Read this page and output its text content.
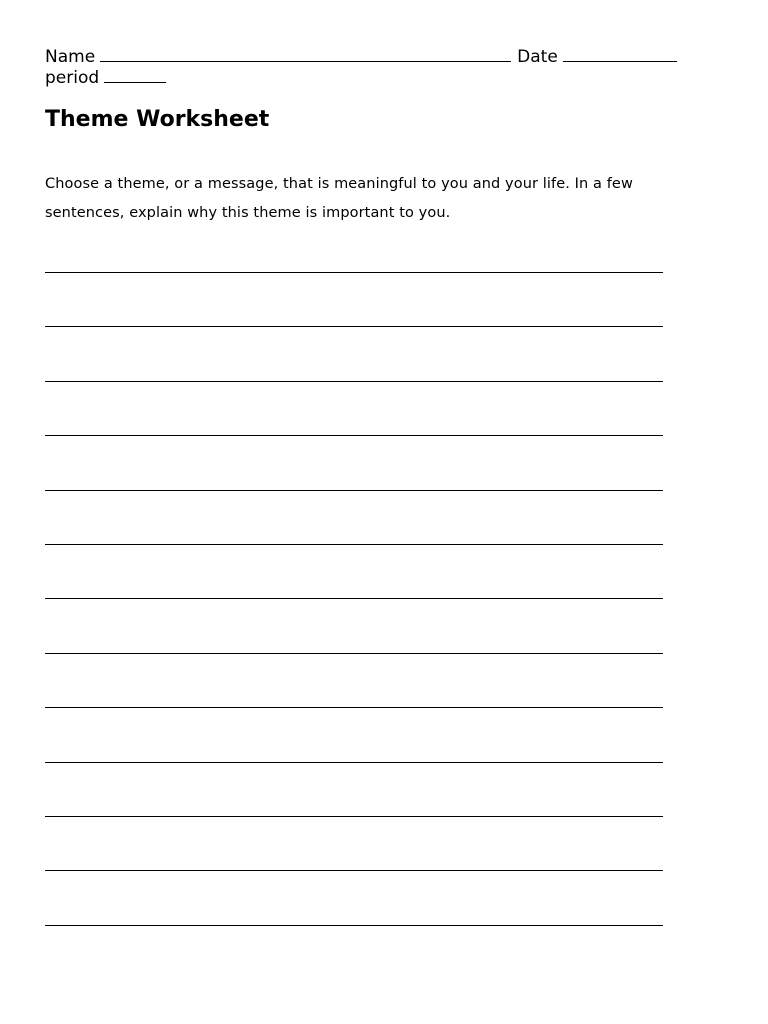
Name	Date
period
Theme Worksheet
Choose a theme, or a message, that is meaningful to you and your life. In a few
sentences, explain why this theme is important to you.
